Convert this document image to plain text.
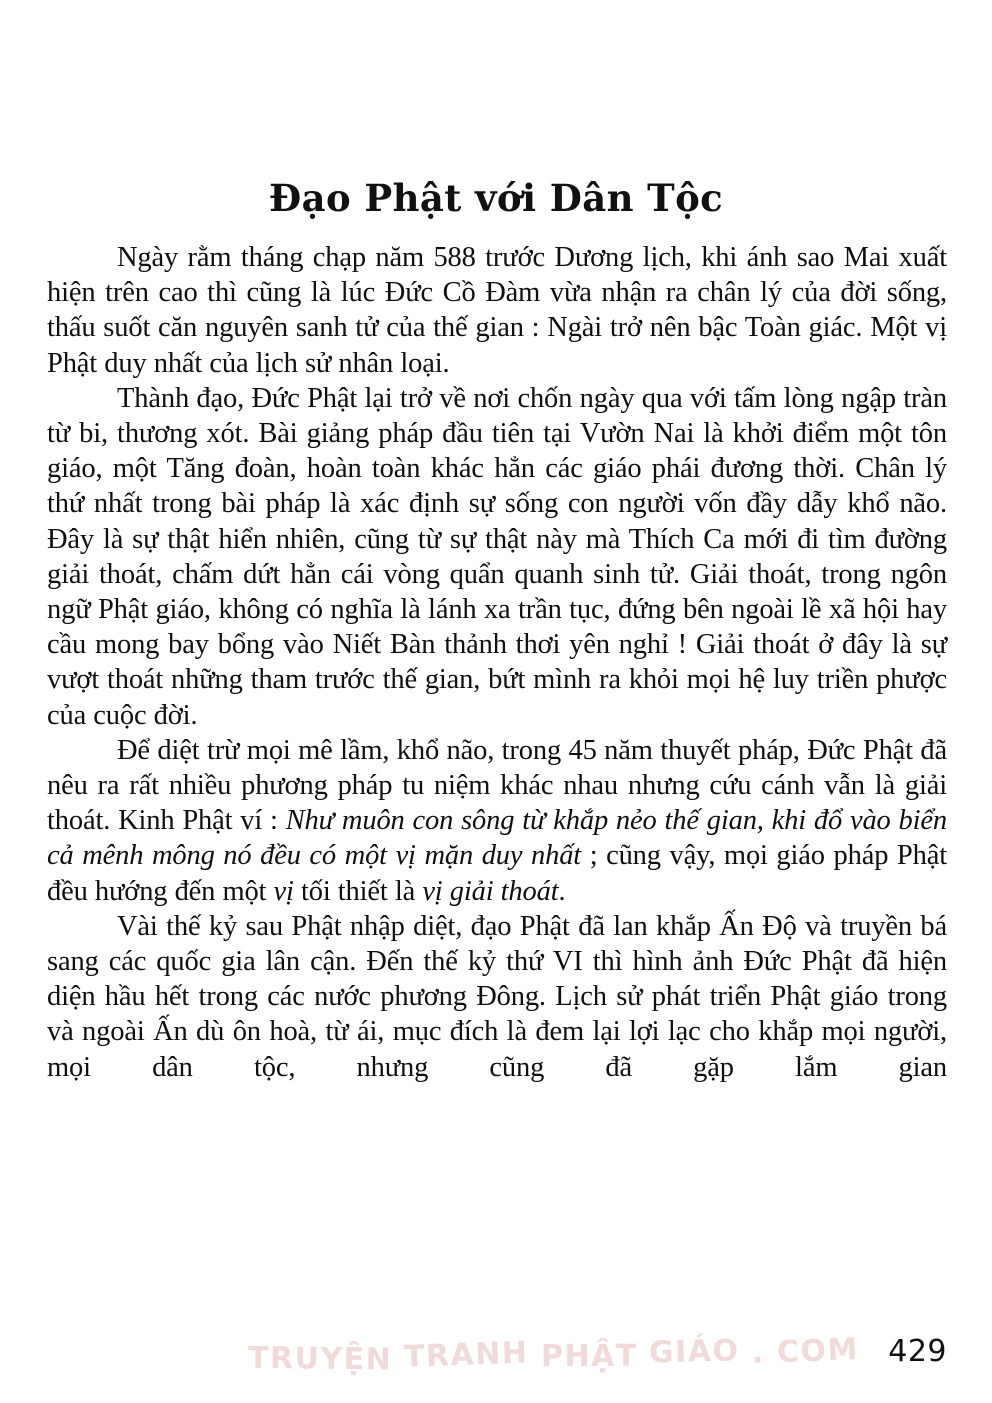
Đạo Phật với Dân Tộc

Ngày rằm tháng chạp năm 588 trước Dương lịch, khi ánh sao Mai xuất hiện trên cao thì cũng là lúc Đức Cồ Đàm vừa nhận ra chân lý của đời sống, thấu suốt căn nguyên sanh tử của thế gian : Ngài trở nên bậc Toàn giác. Một vị Phật duy nhất của lịch sử nhân loại.

Thành đạo, Đức Phật lại trở về nơi chốn ngày qua với tấm lòng ngập tràn từ bi, thương xót. Bài giảng pháp đầu tiên tại Vườn Nai là khởi điểm một tôn giáo, một Tăng đoàn, hoàn toàn khác hẳn các giáo phái đương thời. Chân lý thứ nhất trong bài pháp là xác định sự sống con người vốn đầy dẫy khổ não. Đây là sự thật hiển nhiên, cũng từ sự thật này mà Thích Ca mới đi tìm đường giải thoát, chấm dứt hẳn cái vòng quẩn quanh sinh tử. Giải thoát, trong ngôn ngữ Phật giáo, không có nghĩa là lánh xa trần tục, đứng bên ngoài lề xã hội hay cầu mong bay bổng vào Niết Bàn thảnh thơi yên nghỉ ! Giải thoát ở đây là sự vượt thoát những tham trước thế gian, bứt mình ra khỏi mọi hệ luy triền phược của cuộc đời.

Để diệt trừ mọi mê lầm, khổ não, trong 45 năm thuyết pháp, Đức Phật đã nêu ra rất nhiều phương pháp tu niệm khác nhau nhưng cứu cánh vẫn là giải thoát. Kinh Phật ví : Như muôn con sông từ khắp nẻo thế gian, khi đổ vào biển cả mênh mông nó đều có một vị mặn duy nhất ; cũng vậy, mọi giáo pháp Phật đều hướng đến một vị tối thiết là vị giải thoát.

Vài thế kỷ sau Phật nhập diệt, đạo Phật đã lan khắp Ấn Độ và truyền bá sang các quốc gia lân cận. Đến thế kỷ thứ VI thì hình ảnh Đức Phật đã hiện diện hầu hết trong các nước phương Đông. Lịch sử phát triển Phật giáo trong và ngoài Ấn dù ôn hoà, từ ái, mục đích là đem lại lợi lạc cho khắp mọi người, mọi dân tộc, nhưng cũng đã gặp lắm gian

TRUYỆN TRANH PHẬT GIÁO . COM 429
